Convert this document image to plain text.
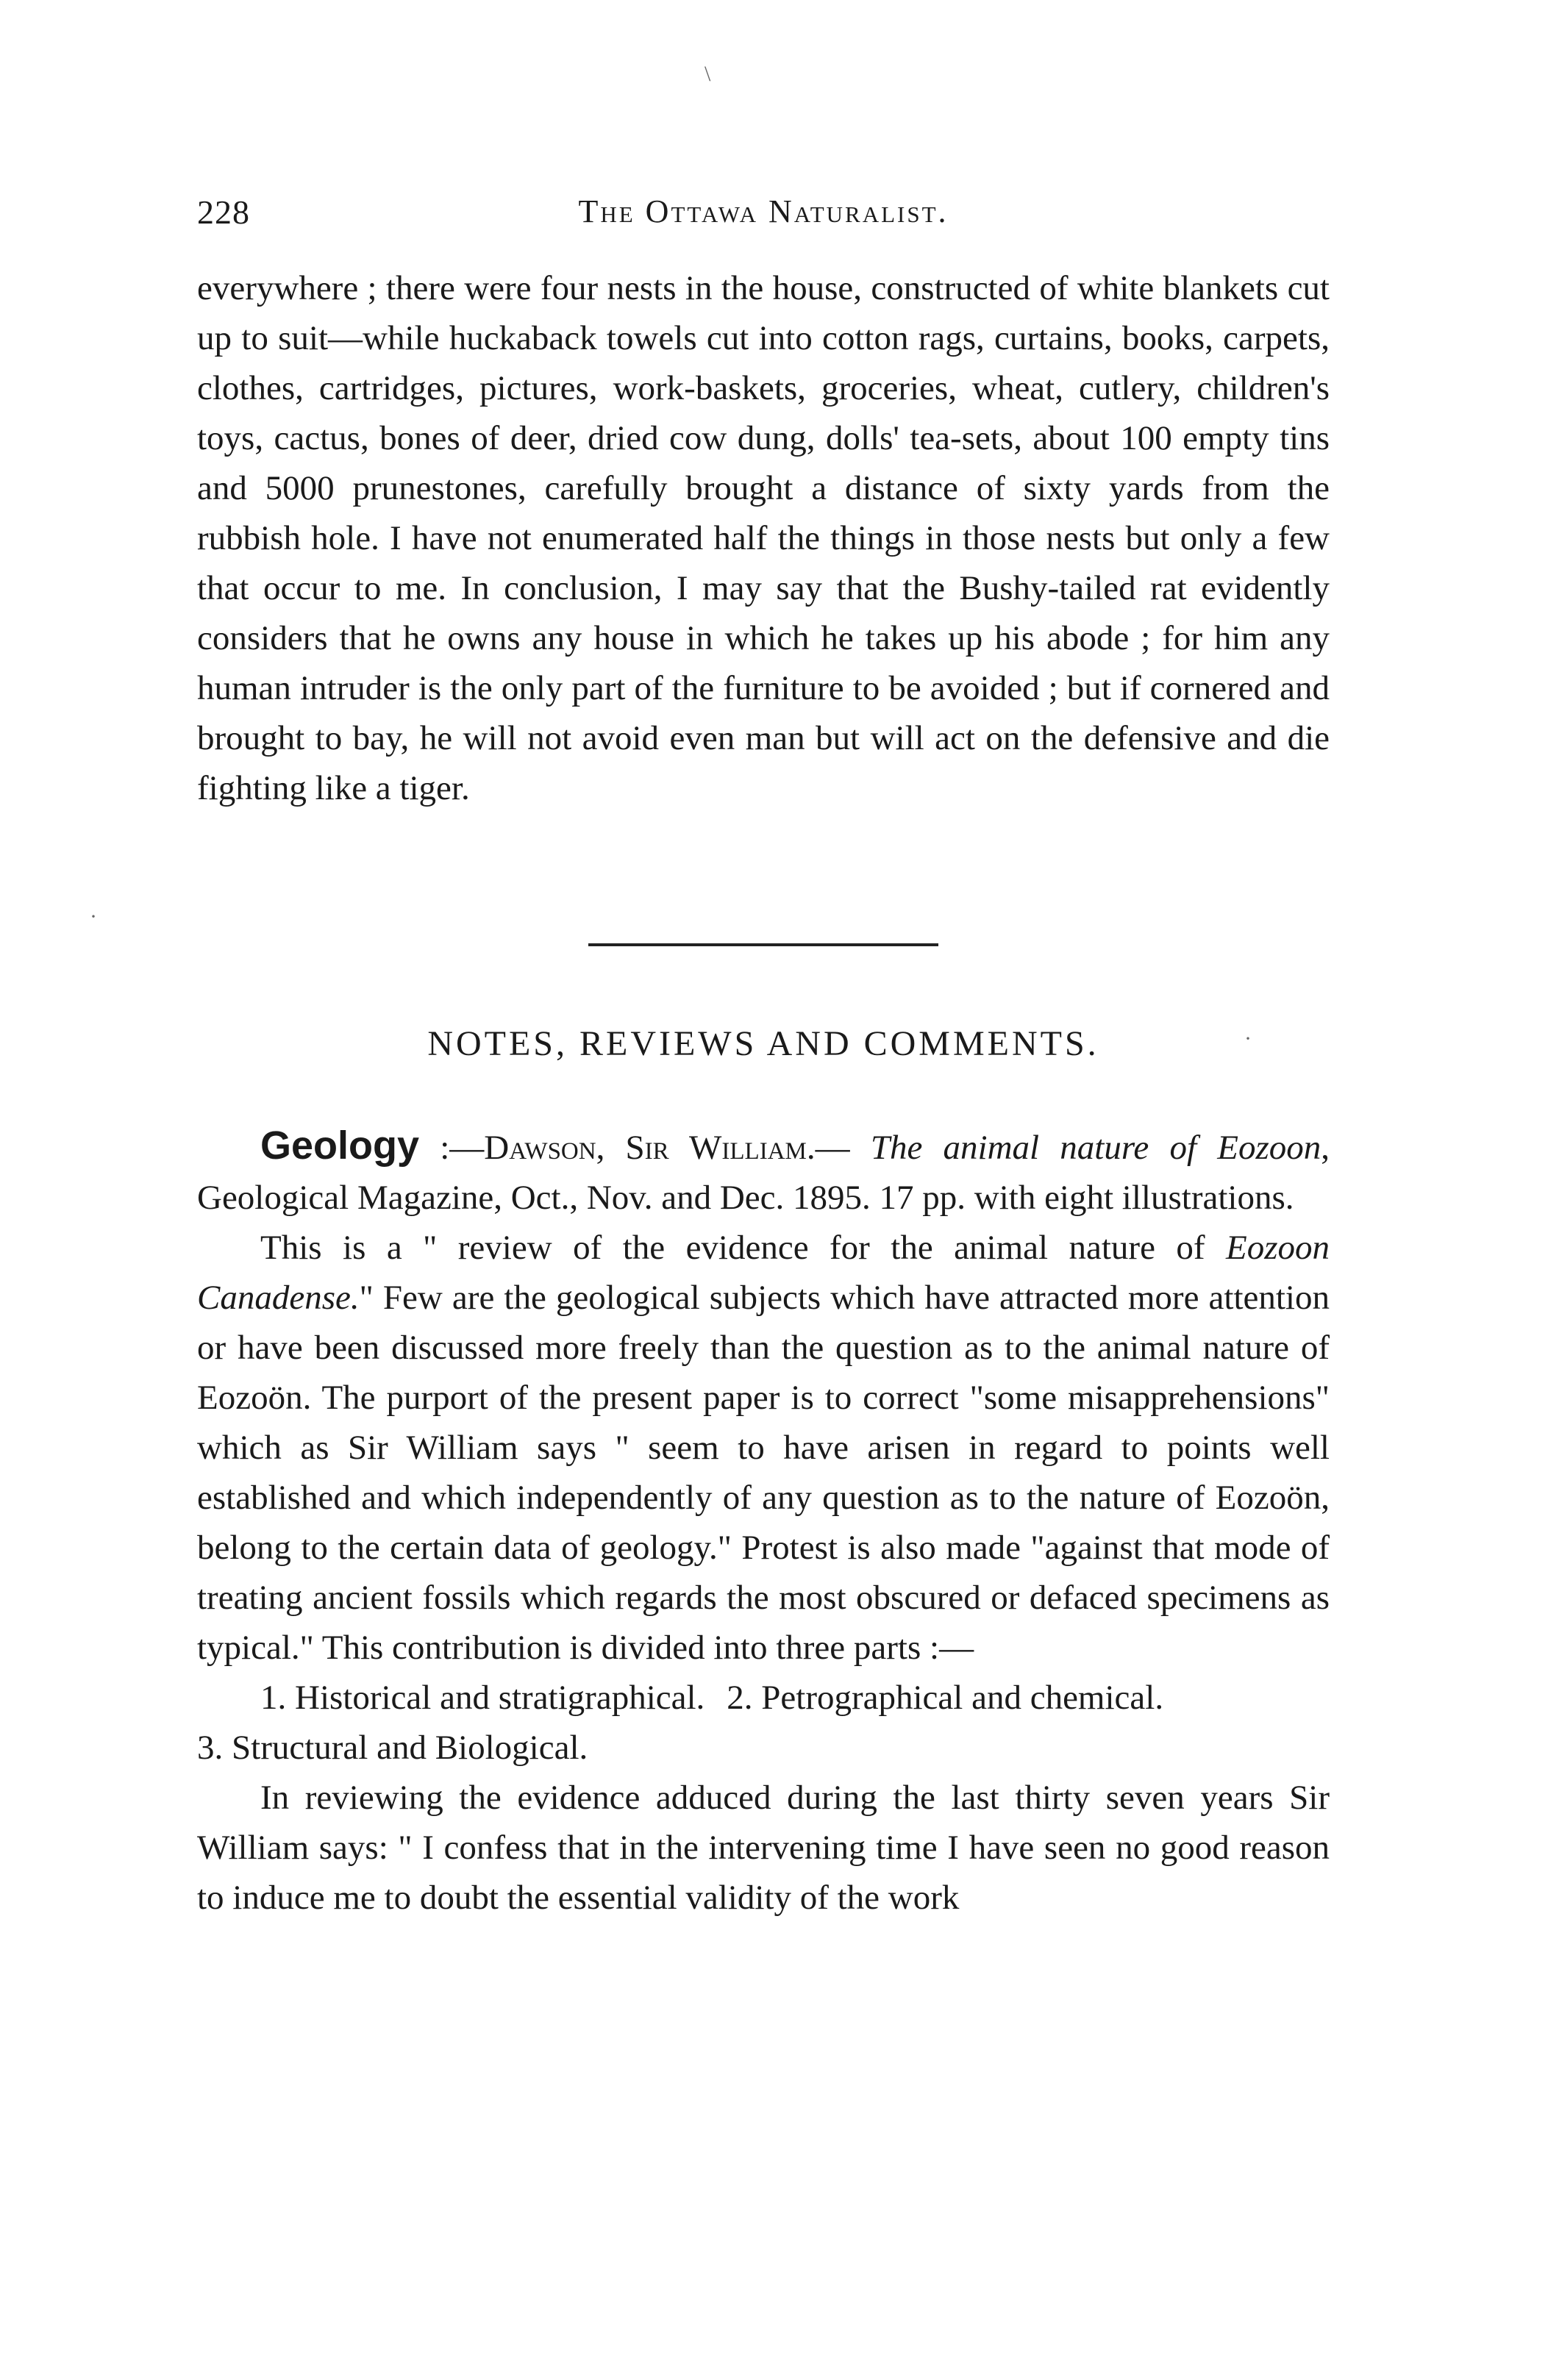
\
·
·
228	The Ottawa Naturalist.

everywhere ; there were four nests in the house, constructed of white blankets cut up to suit—while huckaback towels cut into cotton rags, curtains, books, carpets, clothes, cartridges, pictures, work-baskets, groceries, wheat, cutlery, children's toys, cactus, bones of deer, dried cow dung, dolls' tea-sets, about 100 empty tins and 5000 prunestones, carefully brought a distance of sixty yards from the rubbish hole. I have not enumerated half the things in those nests but only a few that occur to me. In conclusion, I may say that the Bushy-tailed rat evidently considers that he owns any house in which he takes up his abode ; for him any human intruder is the only part of the furniture to be avoided ; but if cornered and brought to bay, he will not avoid even man but will act on the defensive and die fighting like a tiger.

NOTES, REVIEWS AND COMMENTS.

Geology :—Dawson, Sir William.— The animal nature of Eozoon, Geological Magazine, Oct., Nov. and Dec. 1895. 17 pp. with eight illustrations.

This is a " review of the evidence for the animal nature of Eozoon Canadense." Few are the geological subjects which have attracted more attention or have been discussed more freely than the question as to the animal nature of Eozoön. The purport of the present paper is to correct "some misapprehensions" which as Sir William says " seem to have arisen in regard to points well established and which independently of any question as to the nature of Eozoön, belong to the certain data of geology." Protest is also made "against that mode of treating ancient fossils which regards the most obscured or defaced specimens as typical." This contribution is divided into three parts :—

1. Historical and stratigraphical. 2. Petrographical and chemical.

3. Structural and Biological.

In reviewing the evidence adduced during the last thirty seven years Sir William says: " I confess that in the intervening time I have seen no good reason to induce me to doubt the essential validity of the work
